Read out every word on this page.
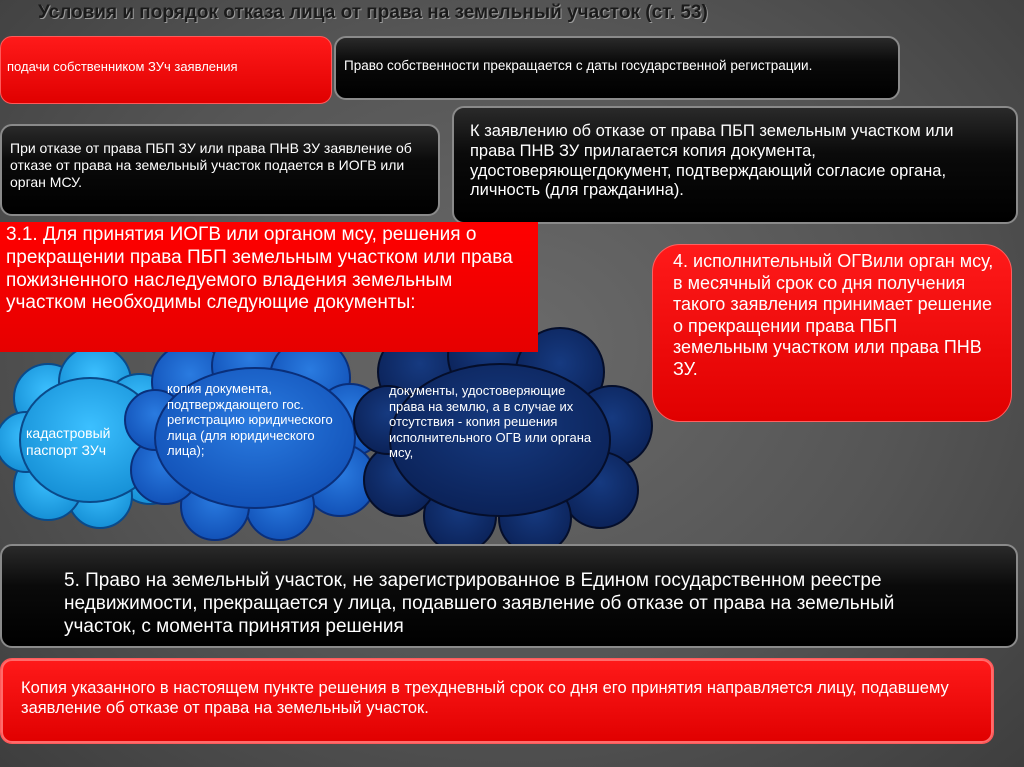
Условия и порядок отказа лица от права на земельный участок (ст. 53)
подачи собственником ЗУч заявления	Право собственности прекращается с даты государственной регистрации.
При отказе от права ПБП ЗУ или права ПНВ ЗУ заявление об отказе от права на земельный участок подается в ИОГВ или орган МСУ.
К заявлению об отказе от права ПБП земельным участком или права ПНВ ЗУ прилагается копия документа, удостоверяющегдокумент, подтверждающий согласие органа, личность (для гражданина).
кадастровый паспорт ЗУч
копия документа, подтверждающего гос. регистрацию юридического лица (для юридического лица);
документы, удостоверяющие права на землю, а в случае их отсутствия - копия решения исполнительного ОГВ или органа мсу,
3.1. Для принятия ИОГВ или органом мсу, решения о прекращении права ПБП земельным участком или права пожизненного наследуемого владения земельным участком необходимы следующие документы:
4. исполнительный ОГВили орган мсу, в месячный срок со дня получения такого заявления принимает решение о прекращении права ПБП земельным участком или права ПНВ ЗУ.
5. Право на земельный участок, не зарегистрированное в Едином государственном реестре недвижимости, прекращается у лица, подавшего заявление об отказе от права на земельный участок, с момента принятия решения
Копия указанного в настоящем пункте решения в трехдневный срок со дня его принятия направляется лицу, подавшему заявление об отказе от права на земельный участок.
